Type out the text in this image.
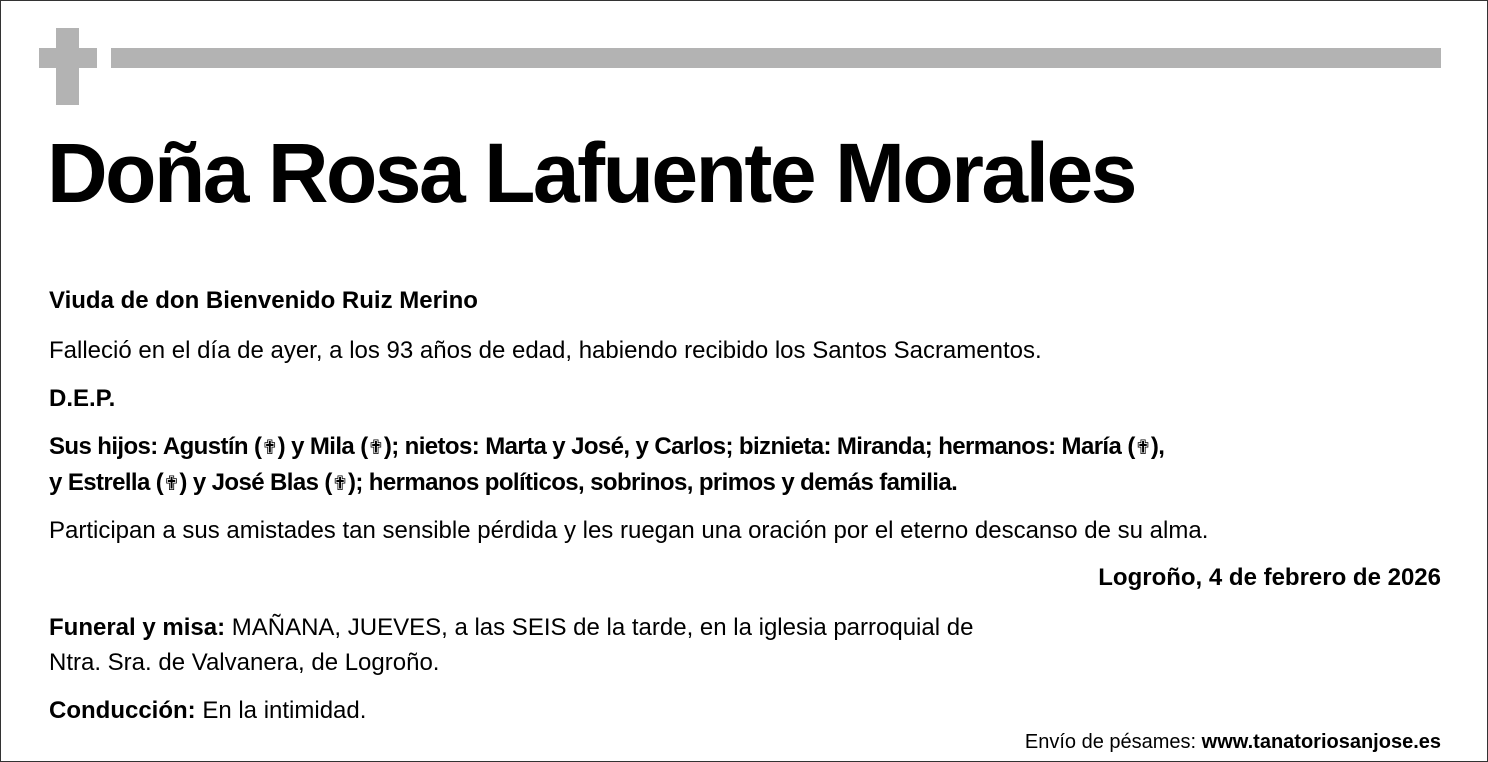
Doña Rosa Lafuente Morales
Viuda de don Bienvenido Ruiz Merino
Falleció en el día de ayer, a los 93 años de edad, habiendo recibido los Santos Sacramentos.
D.E.P.
Sus hijos: Agustín (✟) y Mila (✟); nietos: Marta y José, y Carlos; biznieta: Miranda; hermanos: María (✟),
y Estrella (✟) y José Blas (✟); hermanos políticos, sobrinos, primos y demás familia.
Participan a sus amistades tan sensible pérdida y les ruegan una oración por el eterno descanso de su alma.
Logroño, 4 de febrero de 2026
Funeral y misa: MAÑANA, JUEVES, a las SEIS de la tarde, en la iglesia parroquial de
Ntra. Sra. de Valvanera, de Logroño.
Conducción: En la intimidad.
Envío de pésames: www.tanatoriosanjose.es
